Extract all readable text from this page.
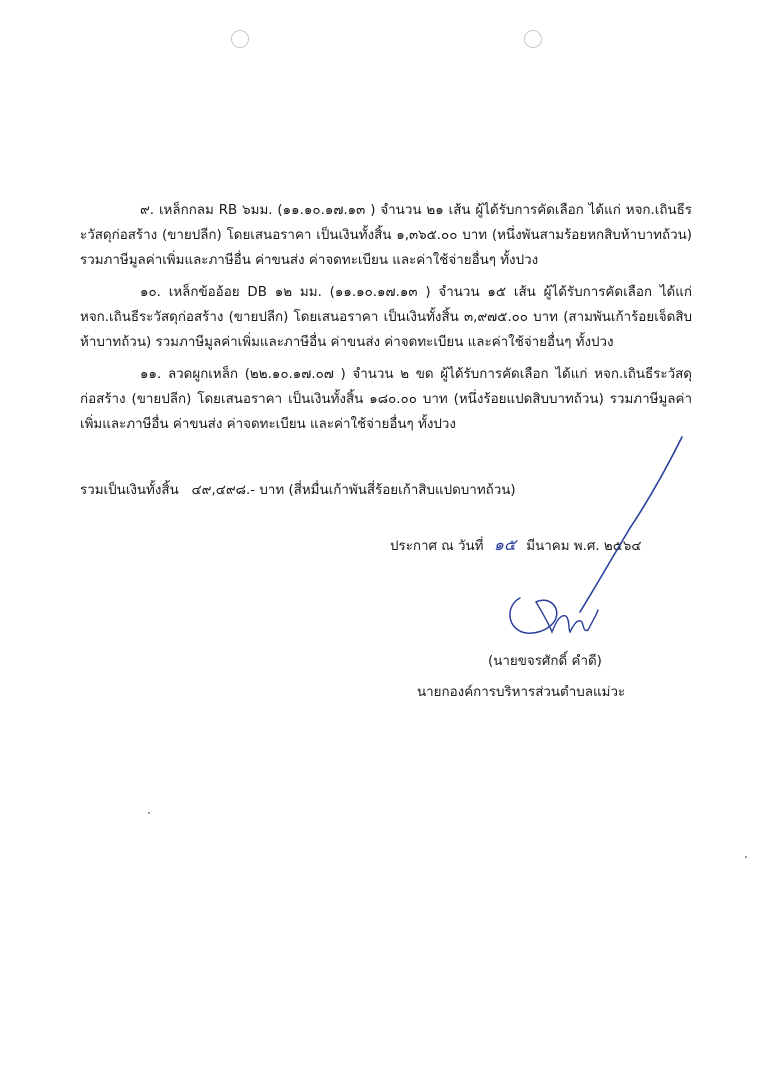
๙. เหล็กกลม RB ๖มม. (๑๑.๑๐.๑๗.๑๓ ) จำนวน ๒๑ เส้น ผู้ได้รับการคัดเลือก ได้แก่ หจก.เถินธีระวัสดุก่อสร้าง (ขายปลีก) โดยเสนอราคา เป็นเงินทั้งสิ้น ๑,๓๖๕.๐๐ บาท (หนึ่งพันสามร้อยหกสิบห้าบาทถ้วน) รวมภาษีมูลค่าเพิ่มและภาษีอื่น ค่าขนส่ง ค่าจดทะเบียน และค่าใช้จ่ายอื่นๆ ทั้งปวง

๑๐. เหล็กข้ออ้อย DB ๑๒ มม. (๑๑.๑๐.๑๗.๑๓ ) จำนวน ๑๕ เส้น ผู้ได้รับการคัดเลือก ได้แก่ หจก.เถินธีระวัสดุก่อสร้าง (ขายปลีก) โดยเสนอราคา เป็นเงินทั้งสิ้น ๓,๙๗๕.๐๐ บาท (สามพันเก้าร้อยเจ็ดสิบห้าบาทถ้วน) รวมภาษีมูลค่าเพิ่มและภาษีอื่น ค่าขนส่ง ค่าจดทะเบียน และค่าใช้จ่ายอื่นๆ ทั้งปวง

๑๑. ลวดผูกเหล็ก (๒๒.๑๐.๑๗.๐๗ ) จำนวน ๒ ขด ผู้ได้รับการคัดเลือก ได้แก่ หจก.เถินธีระวัสดุก่อสร้าง (ขายปลีก) โดยเสนอราคา เป็นเงินทั้งสิ้น ๑๘๐.๐๐ บาท (หนึ่งร้อยแปดสิบบาทถ้วน) รวมภาษีมูลค่าเพิ่มและภาษีอื่น ค่าขนส่ง ค่าจดทะเบียน และค่าใช้จ่ายอื่นๆ ทั้งปวง

รวมเป็นเงินทั้งสิ้น ๔๙,๔๙๘.- บาท (สี่หมื่นเก้าพันสี่ร้อยเก้าสิบแปดบาทถ้วน)
ประกาศ ณ วันที่ ๑๕ มีนาคม พ.ศ. ๒๕๖๔
(นายขจรศักดิ์ คำดี)
นายกองค์การบริหารส่วนตำบลแม่วะ
